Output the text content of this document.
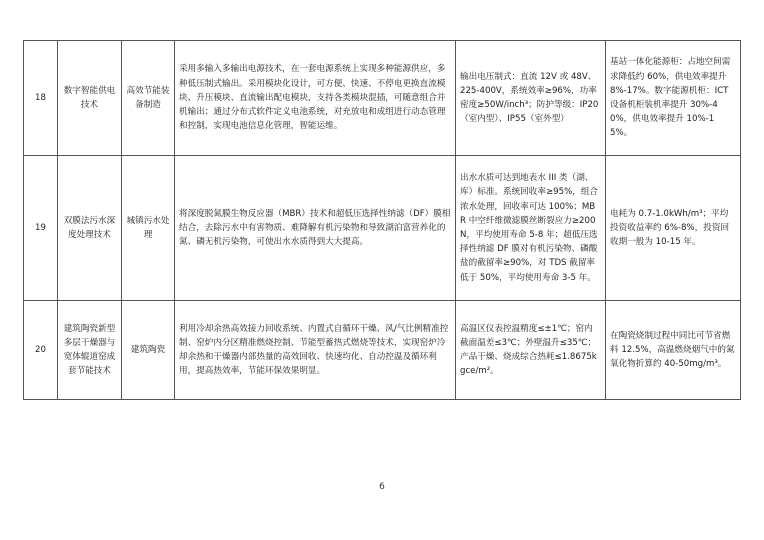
18	数字智能供电技术	高效节能装备制造	采用多输入多输出电源技术，在一套电源系统上实现多种能源供应，多种低压制式输出。采用模块化设计，可方便、快速、不停电更换直流模块、升压模块、直流输出配电模块，支持各类模块混插，可随意组合并机输出；通过分布式软件定义电池系统，对充放电和成组进行动态管理和控制，实现电池信息化管理，智能运维。	输出电压制式：直流 12V 或 48V、225-400V，系统效率≥96%，功率密度≥50W/inch³；防护等级：IP20（室内型）、IP55（室外型）	基站一体化能源柜：占地空间需求降低约 60%，供电效率提升 8%-17%。数字能源机柜：ICT 设备机柜装机率提升 30%-40%，供电效率提升 10%-15%。
19	双膜法污水深度处理技术	城镇污水处理	将深度脱氮膜生物反应器（MBR）技术和超低压选择性纳滤（DF）膜相结合，去除污水中有害物质、难降解有机污染物和导致湖泊富营养化的氮、磷无机污染物，可使出水水质得到大大提高。	出水水质可达到地表水 III 类（湖、库）标准。系统回收率≥95%，组合浓水处理，回收率可达 100%；MBR 中空纤维微滤膜丝断裂应力≥200N，平均使用寿命 5-8 年；超低压选择性纳滤 DF 膜对有机污染物、磷酸盐的截留率≥90%，对 TDS 截留率低于 50%，平均使用寿命 3-5 年。	电耗为 0.7-1.0kWh/m³；平均投资收益率约 6%-8%，投资回收期一般为 10-15 年。
20	建筑陶瓷新型多层干燥器与宽体辊道窑成套节能技术	建筑陶瓷	利用冷却余热高效接力回收系统、内置式自循环干燥、风/气比例精准控制、窑炉内分区精准燃烧控制、节能型蓄热式燃烧等技术，实现窑炉冷却余热和干燥器内部热量的高效回收、快速均化、自动控温及循环利用，提高热效率，节能环保效果明显。	高温区仪表控温精度≤±1℃；窑内截面温差≤3℃；外壁温升≤35℃；产品干燥、烧成综合热耗≤1.8675kgce/m²。	在陶瓷烧制过程中同比可节省燃料 12.5%，高温燃烧烟气中的氮氧化物折算约 40-50mg/m³。
6
